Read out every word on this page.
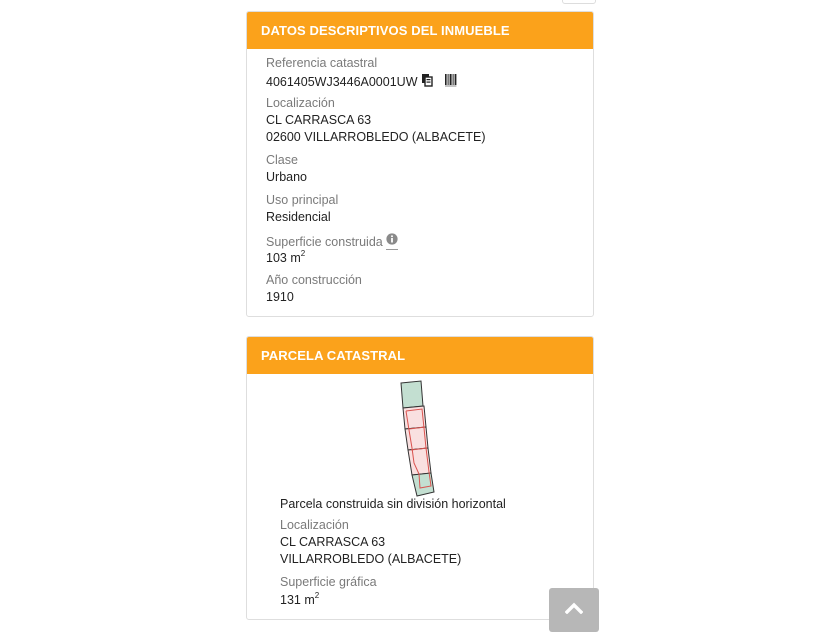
DATOS DESCRIPTIVOS DEL INMUEBLE
Referencia catastral
4061405WJ3446A0001UW
Localización
CL CARRASCA 63
02600 VILLARROBLEDO (ALBACETE)
Clase
Urbano
Uso principal
Residencial
Superficie construida
103 $m^2$
Año construcción
1910
PARCELA CATASTRAL
Parcela construida sin división horizontal
Localización
CL CARRASCA 63
VILLARROBLEDO (ALBACETE)
Superficie gráfica
131 $m^2$
